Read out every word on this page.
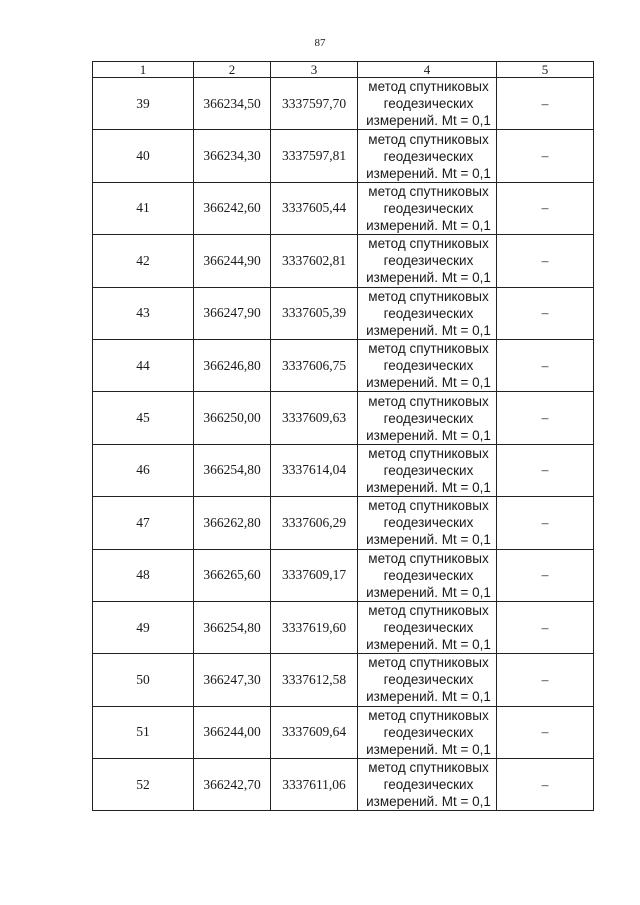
87
1	2	3	4	5
39	366234,50	3337597,70	метод спутниковых
геодезических
измерений. Mt = 0,1	–
40	366234,30	3337597,81	метод спутниковых
геодезических
измерений. Mt = 0,1	–
41	366242,60	3337605,44	метод спутниковых
геодезических
измерений. Mt = 0,1	–
42	366244,90	3337602,81	метод спутниковых
геодезических
измерений. Mt = 0,1	–
43	366247,90	3337605,39	метод спутниковых
геодезических
измерений. Mt = 0,1	–
44	366246,80	3337606,75	метод спутниковых
геодезических
измерений. Mt = 0,1	–
45	366250,00	3337609,63	метод спутниковых
геодезических
измерений. Mt = 0,1	–
46	366254,80	3337614,04	метод спутниковых
геодезических
измерений. Mt = 0,1	–
47	366262,80	3337606,29	метод спутниковых
геодезических
измерений. Mt = 0,1	–
48	366265,60	3337609,17	метод спутниковых
геодезических
измерений. Mt = 0,1	–
49	366254,80	3337619,60	метод спутниковых
геодезических
измерений. Mt = 0,1	–
50	366247,30	3337612,58	метод спутниковых
геодезических
измерений. Mt = 0,1	–
51	366244,00	3337609,64	метод спутниковых
геодезических
измерений. Mt = 0,1	–
52	366242,70	3337611,06	метод спутниковых
геодезических
измерений. Mt = 0,1	–
